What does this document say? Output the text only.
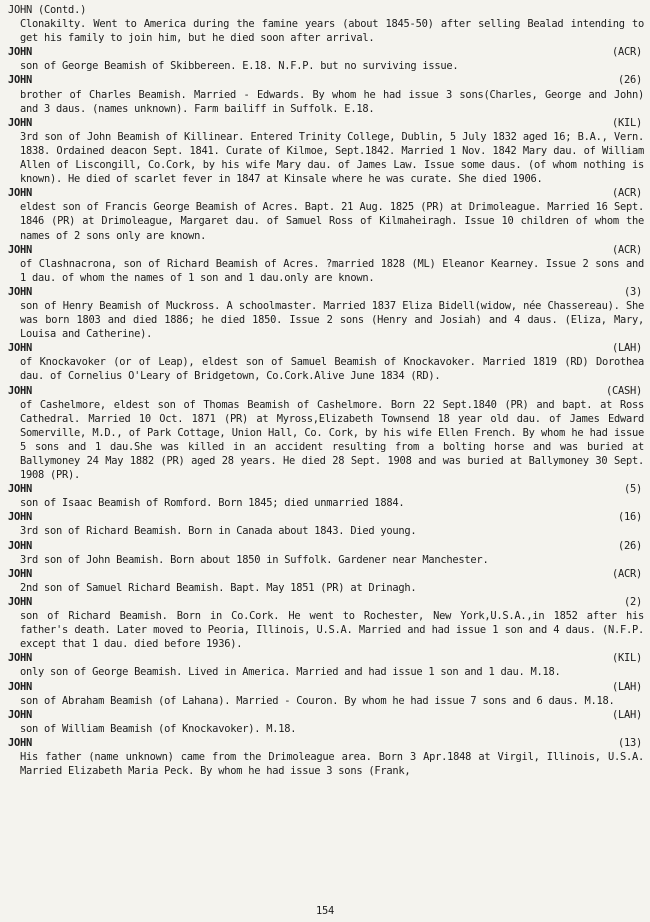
JOHN (Contd.)
Clonakilty. Went to America during the famine years (about 1845-50) after selling Bealad intending to get his family to join him, but he died soon after arrival.
JOHN	(ACR)
son of George Beamish of Skibbereen. E.18. N.F.P. but no surviving issue.
JOHN	(26)
brother of Charles Beamish. Married - Edwards. By whom he had issue 3 sons(Charles, George and John) and 3 daus. (names unknown). Farm bailiff in Suffolk. E.18.
JOHN	(KIL)
3rd son of John Beamish of Killinear. Entered Trinity College, Dublin, 5 July 1832 aged 16; B.A., Vern. 1838. Ordained deacon Sept. 1841. Curate of Kilmoe, Sept.1842. Married 1 Nov. 1842 Mary dau. of William Allen of Liscongill, Co.Cork, by his wife Mary dau. of James Law. Issue some daus. (of whom nothing is known). He died of scarlet fever in 1847 at Kinsale where he was curate. She died 1906.
JOHN	(ACR)
eldest son of Francis George Beamish of Acres. Bapt. 21 Aug. 1825 (PR) at Drimoleague. Married 16 Sept. 1846 (PR) at Drimoleague, Margaret dau. of Samuel Ross of Kilmaheiragh. Issue 10 children of whom the names of 2 sons only are known.
JOHN	(ACR)
of Clashnacrona, son of Richard Beamish of Acres. ?married 1828 (ML) Eleanor Kearney. Issue 2 sons and 1 dau. of whom the names of 1 son and 1 dau.only are known.
JOHN	(3)
son of Henry Beamish of Muckross. A schoolmaster. Married 1837 Eliza Bidell(widow, née Chassereau). She was born 1803 and died 1886; he died 1850. Issue 2 sons (Henry and Josiah) and 4 daus. (Eliza, Mary, Louisa and Catherine).
JOHN	(LAH)
of Knockavoker (or of Leap), eldest son of Samuel Beamish of Knockavoker. Married 1819 (RD) Dorothea dau. of Cornelius O'Leary of Bridgetown, Co.Cork.Alive June 1834 (RD).
JOHN	(CASH)
of Cashelmore, eldest son of Thomas Beamish of Cashelmore. Born 22 Sept.1840 (PR) and bapt. at Ross Cathedral. Married 10 Oct. 1871 (PR) at Myross,Elizabeth Townsend 18 year old dau. of James Edward Somerville, M.D., of Park Cottage, Union Hall, Co. Cork, by his wife Ellen French. By whom he had issue 5 sons and 1 dau.She was killed in an accident resulting from a bolting horse and was buried at Ballymoney 24 May 1882 (PR) aged 28 years. He died 28 Sept. 1908 and was buried at Ballymoney 30 Sept. 1908 (PR).
JOHN	(5)
son of Isaac Beamish of Romford. Born 1845; died unmarried 1884.
JOHN	(16)
3rd son of Richard Beamish. Born in Canada about 1843. Died young.
JOHN	(26)
3rd son of John Beamish. Born about 1850 in Suffolk. Gardener near Manchester.
JOHN	(ACR)
2nd son of Samuel Richard Beamish. Bapt. May 1851 (PR) at Drinagh.
JOHN	(2)
son of Richard Beamish. Born in Co.Cork. He went to Rochester, New York,U.S.A.,in 1852 after his father's death. Later moved to Peoria, Illinois, U.S.A. Married and had issue 1 son and 4 daus. (N.F.P. except that 1 dau. died before 1936).
JOHN	(KIL)
only son of George Beamish. Lived in America. Married and had issue 1 son and 1 dau. M.18.
JOHN	(LAH)
son of Abraham Beamish (of Lahana). Married - Couron. By whom he had issue 7 sons and 6 daus. M.18.
JOHN	(LAH)
son of William Beamish (of Knockavoker). M.18.
JOHN	(13)
His father (name unknown) came from the Drimoleague area. Born 3 Apr.1848 at Virgil, Illinois, U.S.A. Married Elizabeth Maria Peck. By whom he had issue 3 sons (Frank,
154
